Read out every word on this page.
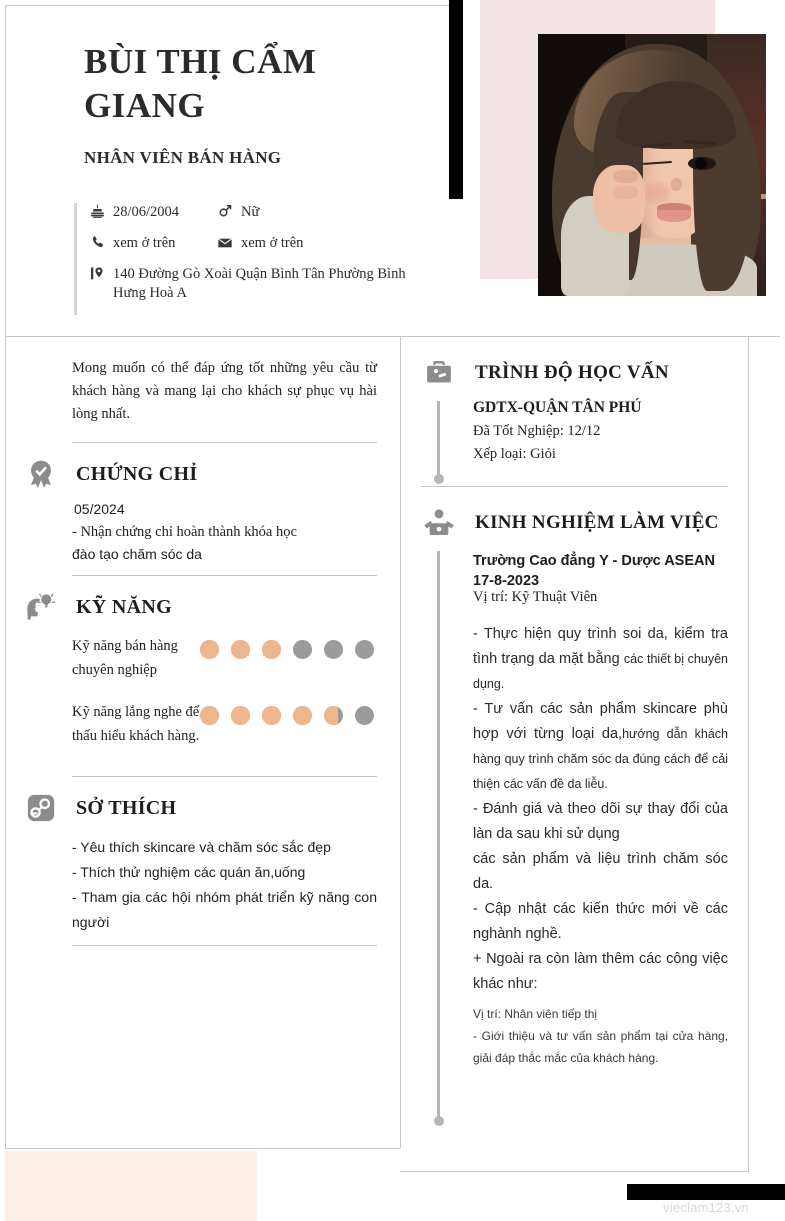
BÙI THỊ CẨM GIANG
NHÂN VIÊN BÁN HÀNG
28/06/2004	Nữ
xem ở trên	xem ở trên
140 Đường Gò Xoài Quận Bình Tân Phường Bình Hưng Hoà A
Mong muốn có thể đáp ứng tốt những yêu cầu từ khách hàng và mang lại cho khách sự phục vụ hài lòng nhất.
CHỨNG CHỈ
05/2024
- Nhận chứng chỉ hoàn thành khóa học
đào tạo chăm sóc da
KỸ NĂNG
Kỹ năng bán hàng chuyên nghiệp
Kỹ năng lắng nghe để thấu hiểu khách hàng.
SỞ THÍCH
- Yêu thích skincare và chăm sóc sắc đẹp
- Thích thử nghiệm các quán ăn,uống
- Tham gia các hội nhóm phát triển kỹ năng con người
TRÌNH ĐỘ HỌC VẤN
GDTX-QUẬN TÂN PHÚ
Đã Tốt Nghiệp: 12/12
Xếp loại: Giỏi
KINH NGHIỆM LÀM VIỆC
Trường Cao đẳng Y - Dược ASEAN
17-8-2023
Vị trí: Kỹ Thuật Viên

- Thực hiện quy trình soi da, kiểm tra tình trạng da mặt bằng các thiết bị chuyên dụng.

- Tư vấn các sản phẩm skincare phù hợp với từng loại da,hướng dẫn khách hàng quy trình chăm sóc da đúng cách để cải thiện các vấn đề da liễu.

- Đánh giá và theo dõi sự thay đổi của làn da sau khi sử dụng

các sản phẩm và liệu trình chăm sóc da.

- Cập nhật các kiến thức mới về các nghành nghề.

+ Ngoài ra còn làm thêm các công việc khác như:

Vị trí: Nhân viên tiếp thị
- Giới thiệu và tư vấn sản phẩm tại cửa hàng, giải đáp thắc mắc của khách hàng.
vieclam123.vn
